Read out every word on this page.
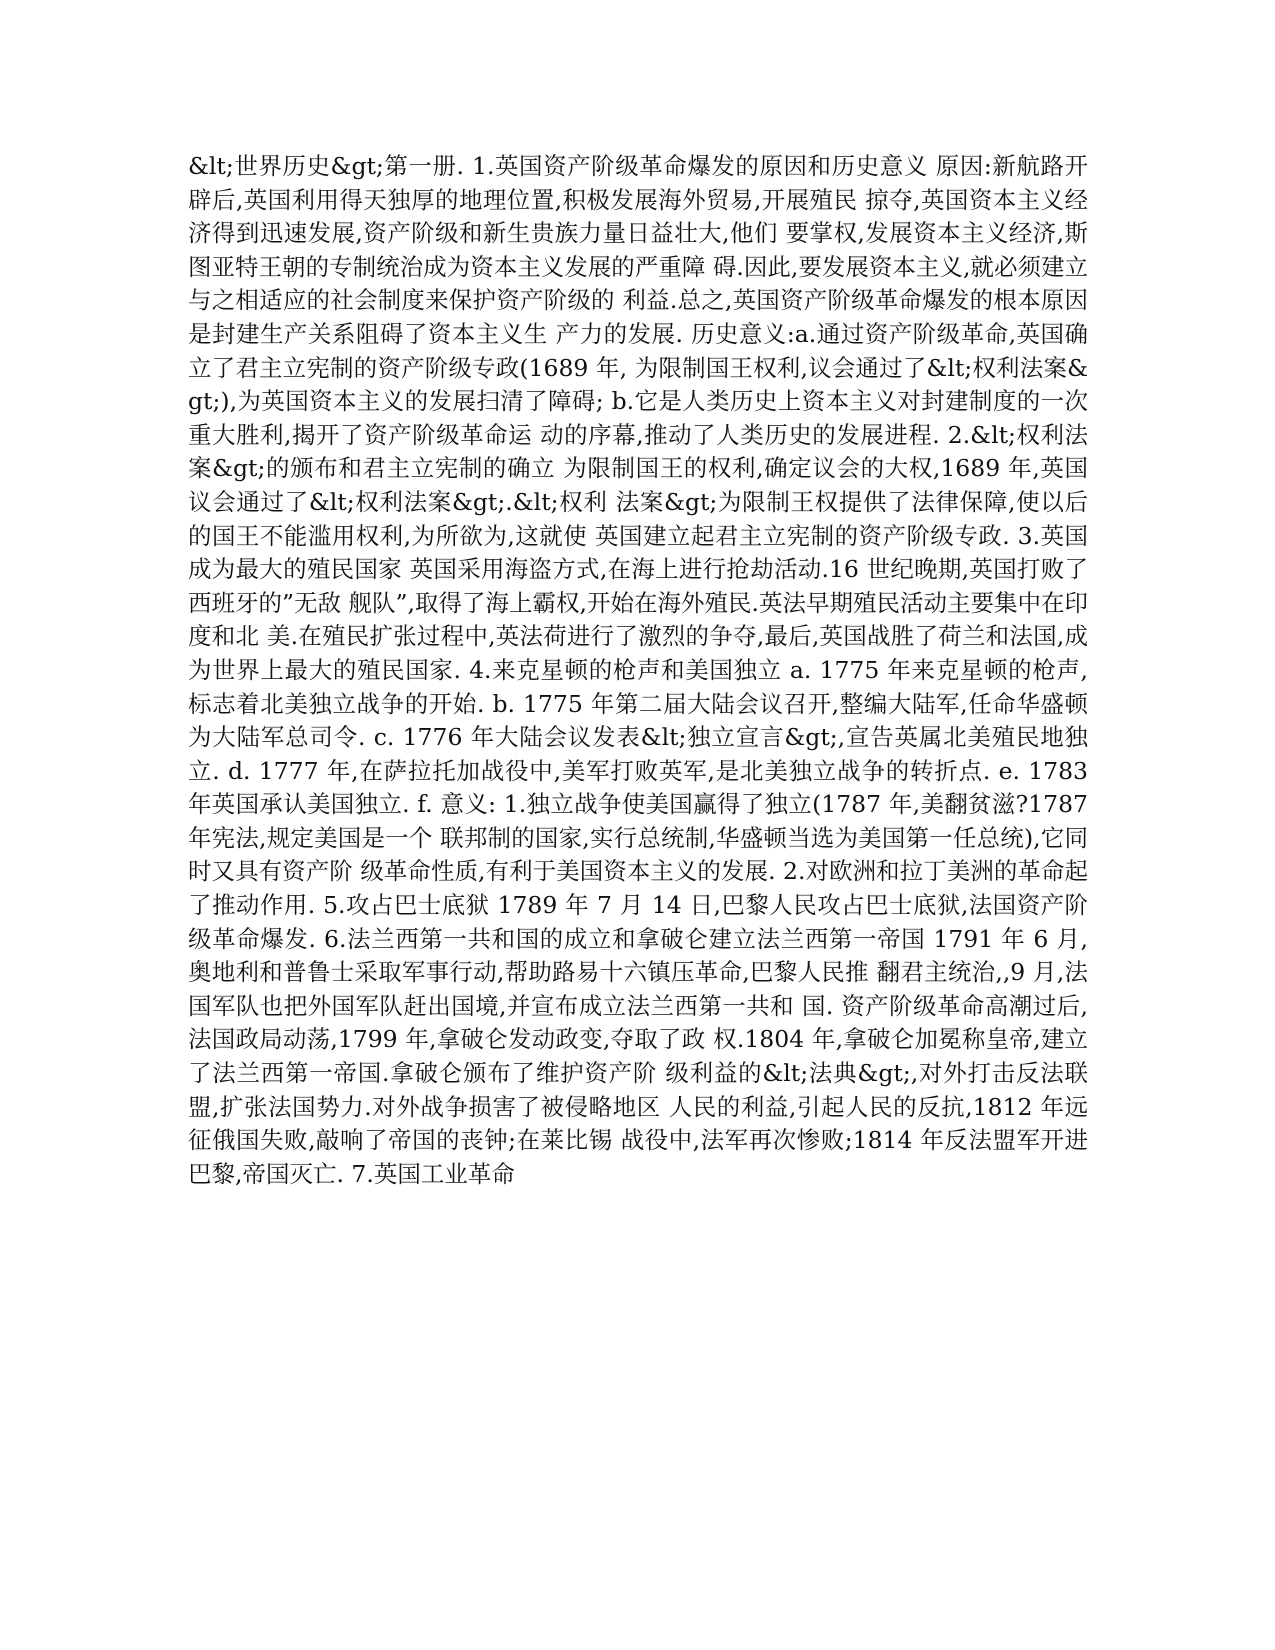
&lt;世界历史&gt;第一册. 1.英国资产阶级革命爆发的原因和历史意义 原因:新航路开辟后,英国利用得天独厚的地理位置,积极发展海外贸易,开展殖民 掠夺,英国资本主义经济得到迅速发展,资产阶级和新生贵族力量日益壮大,他们 要掌权,发展资本主义经济,斯图亚特王朝的专制统治成为资本主义发展的严重障 碍.因此,要发展资本主义,就必须建立与之相适应的社会制度来保护资产阶级的 利益.总之,英国资产阶级革命爆发的根本原因是封建生产关系阻碍了资本主义生 产力的发展. 历史意义:a.通过资产阶级革命,英国确立了君主立宪制的资产阶级专政(1689 年, 为限制国王权利,议会通过了&lt;权利法案&gt;),为英国资本主义的发展扫清了障碍; b.它是人类历史上资本主义对封建制度的一次重大胜利,揭开了资产阶级革命运 动的序幕,推动了人类历史的发展进程. 2.&lt;权利法案&gt;的颁布和君主立宪制的确立 为限制国王的权利,确定议会的大权,1689 年,英国议会通过了&lt;权利法案&gt;.&lt;权利 法案&gt;为限制王权提供了法律保障,使以后的国王不能滥用权利,为所欲为,这就使 英国建立起君主立宪制的资产阶级专政. 3.英国成为最大的殖民国家 英国采用海盗方式,在海上进行抢劫活动.16 世纪晚期,英国打败了西班牙的”无敌 舰队”,取得了海上霸权,开始在海外殖民.英法早期殖民活动主要集中在印度和北 美.在殖民扩张过程中,英法荷进行了激烈的争夺,最后,英国战胜了荷兰和法国,成 为世界上最大的殖民国家. 4.来克星顿的枪声和美国独立 a. 1775 年来克星顿的枪声,标志着北美独立战争的开始. b. 1775 年第二届大陆会议召开,整编大陆军,任命华盛顿为大陆军总司令. c. 1776 年大陆会议发表&lt;独立宣言&gt;,宣告英属北美殖民地独立. d. 1777 年,在萨拉托加战役中,美军打败英军,是北美独立战争的转折点. e. 1783 年英国承认美国独立. f. 意义: 1.独立战争使美国赢得了独立(1787 年,美翻贫滋?1787年宪法,规定美国是一个 联邦制的国家,实行总统制,华盛顿当选为美国第一任总统),它同时又具有资产阶 级革命性质,有利于美国资本主义的发展. 2.对欧洲和拉丁美洲的革命起了推动作用. 5.攻占巴士底狱 1789 年 7 月 14 日,巴黎人民攻占巴士底狱,法国资产阶级革命爆发. 6.法兰西第一共和国的成立和拿破仑建立法兰西第一帝国 1791 年 6 月,奥地利和普鲁士采取军事行动,帮助路易十六镇压革命,巴黎人民推 翻君主统治,,9 月,法国军队也把外国军队赶出国境,并宣布成立法兰西第一共和 国. 资产阶级革命高潮过后,法国政局动荡,1799 年,拿破仑发动政变,夺取了政 权.1804 年,拿破仑加冕称皇帝,建立了法兰西第一帝国.拿破仑颁布了维护资产阶 级利益的&lt;法典&gt;,对外打击反法联盟,扩张法国势力.对外战争损害了被侵略地区 人民的利益,引起人民的反抗,1812 年远征俄国失败,敲响了帝国的丧钟;在莱比锡 战役中,法军再次惨败;1814 年反法盟军开进巴黎,帝国灭亡. 7.英国工业革命
